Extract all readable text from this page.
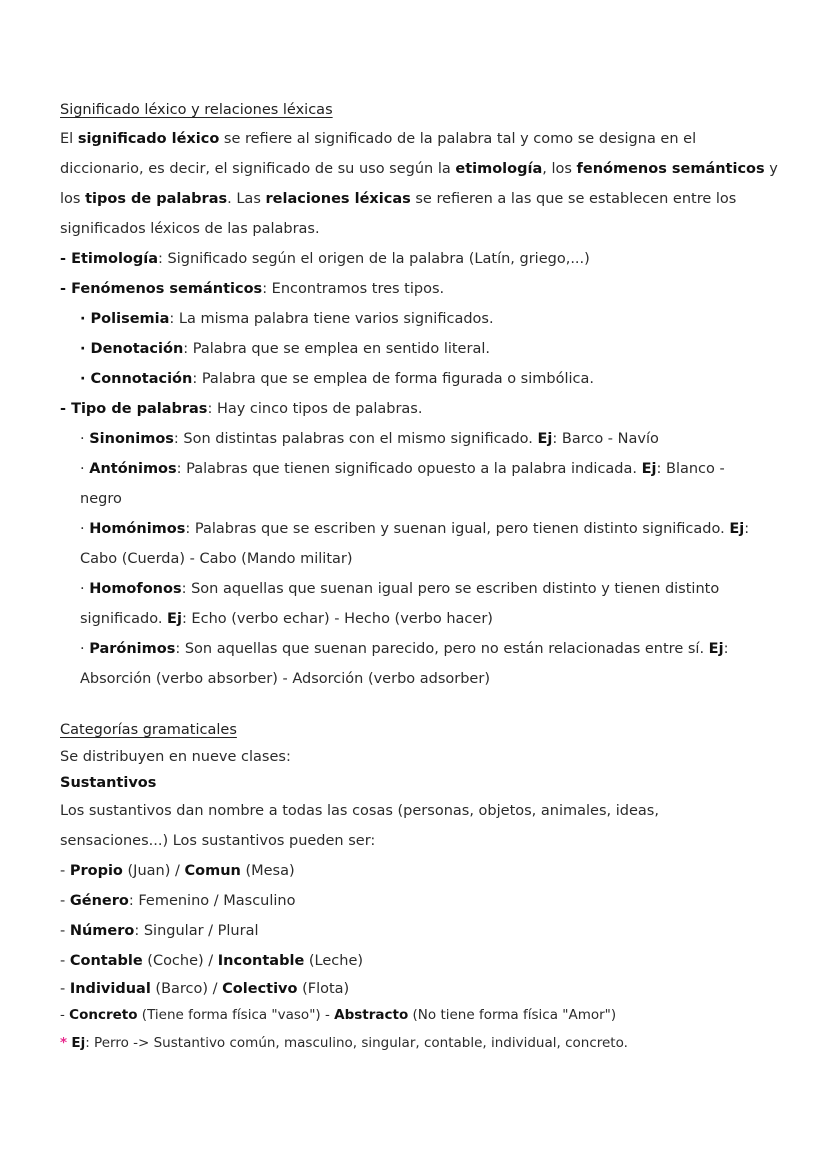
Significado léxico y relaciones léxicas
El significado léxico se refiere al significado de la palabra tal y como se designa en el
diccionario, es decir, el significado de su uso según la etimología, los fenómenos semánticos y
los tipos de palabras. Las relaciones léxicas se refieren a las que se establecen entre los
significados léxicos de las palabras.
- Etimología: Significado según el origen de la palabra (Latín, griego,...)
- Fenómenos semánticos: Encontramos tres tipos.
· Polisemia: La misma palabra tiene varios significados.
· Denotación: Palabra que se emplea en sentido literal.
· Connotación: Palabra que se emplea de forma figurada o simbólica.
- Tipo de palabras: Hay cinco tipos de palabras.
· Sinonimos: Son distintas palabras con el mismo significado. Ej: Barco - Navío
· Antónimos: Palabras que tienen significado opuesto a la palabra indicada. Ej: Blanco -
negro
· Homónimos: Palabras que se escriben y suenan igual, pero tienen distinto significado. Ej:
Cabo (Cuerda) - Cabo (Mando militar)
· Homofonos: Son aquellas que suenan igual pero se escriben distinto y tienen distinto
significado. Ej: Echo (verbo echar) - Hecho (verbo hacer)
· Parónimos: Son aquellas que suenan parecido, pero no están relacionadas entre sí. Ej:
Absorción (verbo absorber) - Adsorción (verbo adsorber)
Categorías gramaticales
Se distribuyen en nueve clases:
Sustantivos
Los sustantivos dan nombre a todas las cosas (personas, objetos, animales, ideas,
sensaciones...) Los sustantivos pueden ser:
- Propio (Juan) / Comun (Mesa)
- Género: Femenino / Masculino
- Número: Singular / Plural
- Contable (Coche) / Incontable (Leche)
- Individual (Barco) / Colectivo (Flota)
- Concreto (Tiene forma física "vaso") - Abstracto (No tiene forma física "Amor")
* Ej: Perro -> Sustantivo común, masculino, singular, contable, individual, concreto.
